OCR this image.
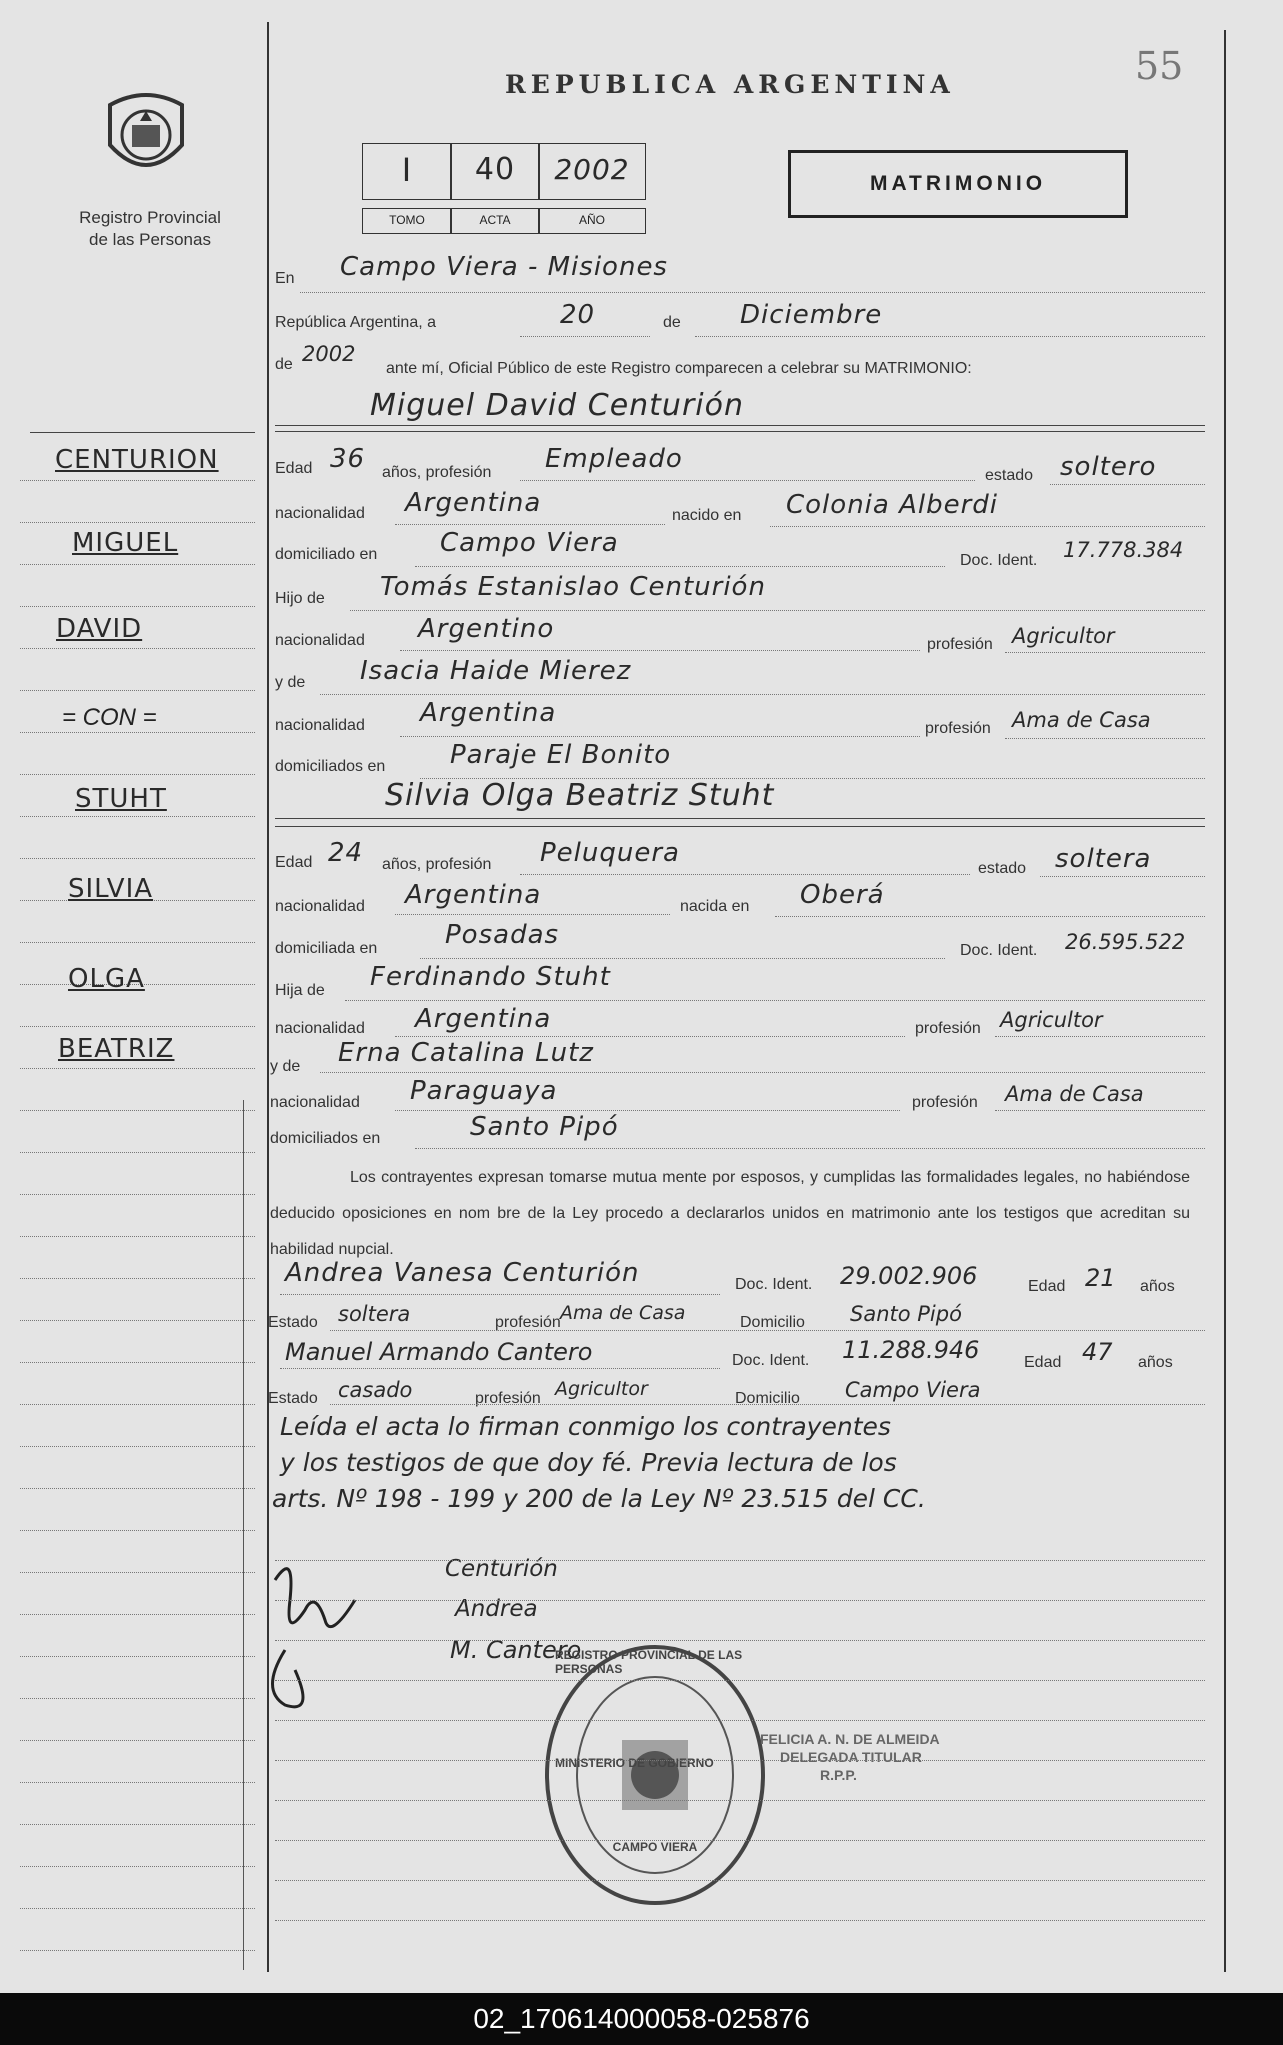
55
Registro Provincial
de las Personas
REPUBLICA ARGENTINA
I	40	2002
TOMO	ACTA	AÑO
MATRIMONIO
En Campo Viera - Misiones
República Argentina, a	20	de Diciembre
de 2002
ante mí, Oficial Público de este Registro comparecen a celebrar su MATRIMONIO:
Miguel David Centurión
Edad 36 años, profesión Empleado
estado soltero
nacionalidad Argentina	nacido en Colonia Alberdi
domiciliado en Campo Viera
Doc. Ident. 17.778.384
Hijo de Tomás Estanislao Centurión
nacionalidad Argentino
profesión Agricultor
y de Isacia Haide Mierez
nacionalidad Argentina
profesión Ama de Casa
domiciliados en Paraje El Bonito
Silvia Olga Beatriz Stuht
Edad 24 años, profesión Peluquera
estado soltera
nacionalidad Argentina	nacida en Oberá
domiciliada en	Posadas
Doc. Ident. 26.595.522
Hija de Ferdinando Stuht
nacionalidad Argentina	profesión Agricultor
y de Erna Catalina Lutz
nacionalidad Paraguaya	profesión Ama de Casa
domiciliados en	Santo Pipó
Los contrayentes expresan tomarse mutua mente por esposos, y cumplidas las formalidades legales, no habiéndose deducido oposiciones en nom bre de la Ley procedo a declararlos unidos en matrimonio ante los testigos que acreditan su habilidad nupcial.
Andrea Vanesa Centurión	Doc. Ident. 29.002.906	Edad 21 años
Estado soltera	profesión Ama de Casa	Domicilio Santo Pipó
Manuel Armando Cantero	Doc. Ident. 11.288.946	Edad 47 años
Estado casado	profesión Agricultor	Domicilio Campo Viera
Leída el acta lo firman conmigo los contrayentes
y los testigos de que doy fé. Previa lectura de los
arts. Nº 198 - 199 y 200 de la Ley Nº 23.515 del CC.
Centurión
Andrea
M. Cantero
REGISTRO PROVINCIAL DE LAS PERSONAS
MINISTERIO DE GOBIERNO
CAMPO VIERA
FELICIA A. N. DE ALMEIDA
DELEGADA TITULAR
R.P.P.
CENTURION
MIGUEL
DAVID
= CON =
STUHT
SILVIA
OLGA
BEATRIZ
02_170614000058-025876
